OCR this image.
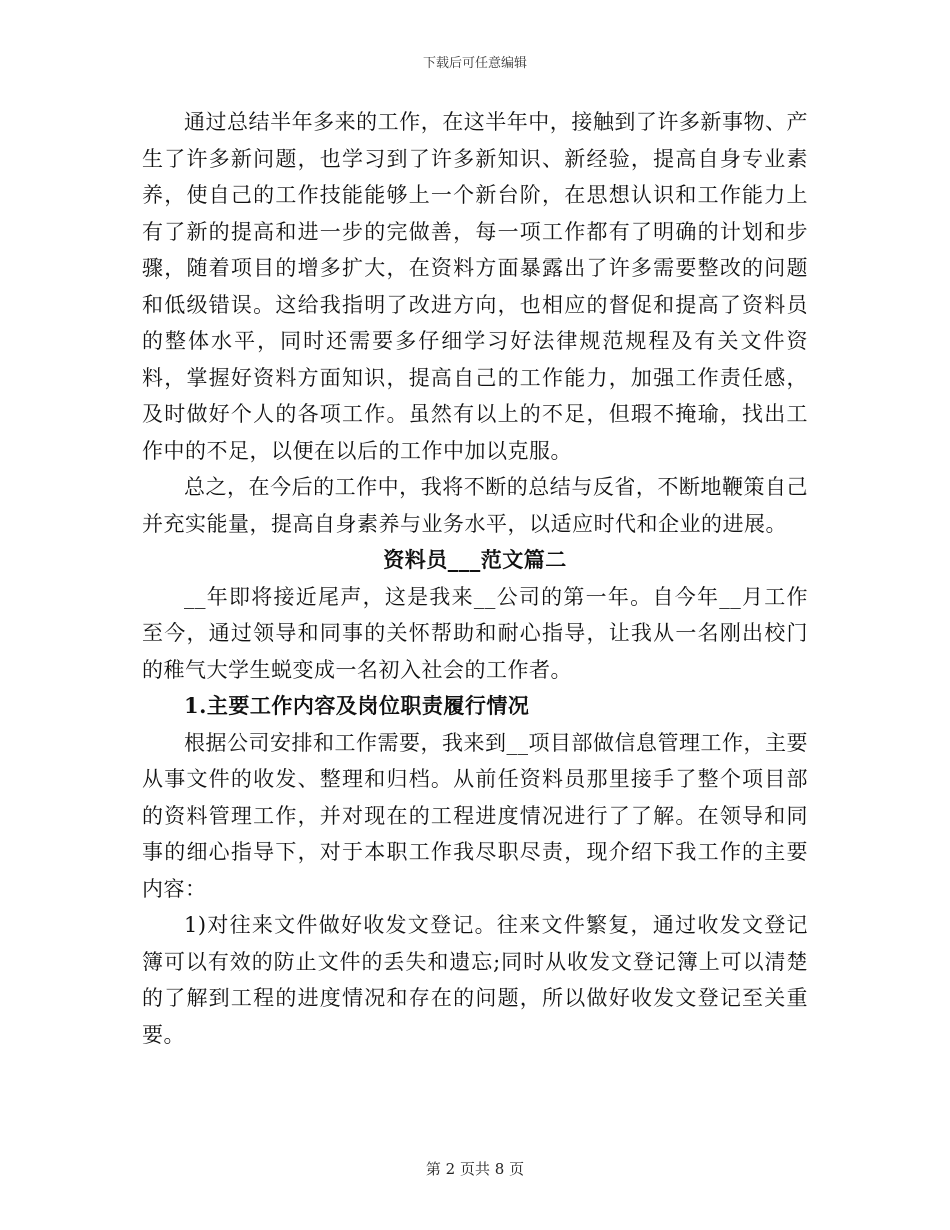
下载后可任意编辑

通过总结半年多来的工作，在这半年中，接触到了许多新事物、产生了许多新问题，也学习到了许多新知识、新经验，提高自身专业素养，使自己的工作技能能够上一个新台阶，在思想认识和工作能力上有了新的提高和进一步的完做善，每一项工作都有了明确的计划和步骤，随着项目的增多扩大，在资料方面暴露出了许多需要整改的问题和低级错误。这给我指明了改进方向，也相应的督促和提高了资料员的整体水平，同时还需要多仔细学习好法律规范规程及有关文件资料，掌握好资料方面知识，提高自己的工作能力，加强工作责任感，及时做好个人的各项工作。虽然有以上的不足，但瑕不掩瑜，找出工作中的不足，以便在以后的工作中加以克服。

总之，在今后的工作中，我将不断的总结与反省，不断地鞭策自己并充实能量，提高自身素养与业务水平，以适应时代和企业的进展。

资料员___范文篇二

__年即将接近尾声，这是我来__公司的第一年。自今年__月工作至今，通过领导和同事的关怀帮助和耐心指导，让我从一名刚出校门的稚气大学生蜕变成一名初入社会的工作者。

1.主要工作内容及岗位职责履行情况

根据公司安排和工作需要，我来到__项目部做信息管理工作，主要从事文件的收发、整理和归档。从前任资料员那里接手了整个项目部的资料管理工作，并对现在的工程进度情况进行了了解。在领导和同事的细心指导下，对于本职工作我尽职尽责，现介绍下我工作的主要内容：

1)对往来文件做好收发文登记。往来文件繁复，通过收发文登记簿可以有效的防止文件的丢失和遗忘;同时从收发文登记簿上可以清楚的了解到工程的进度情况和存在的问题，所以做好收发文登记至关重要。

第 2 页共 8 页
